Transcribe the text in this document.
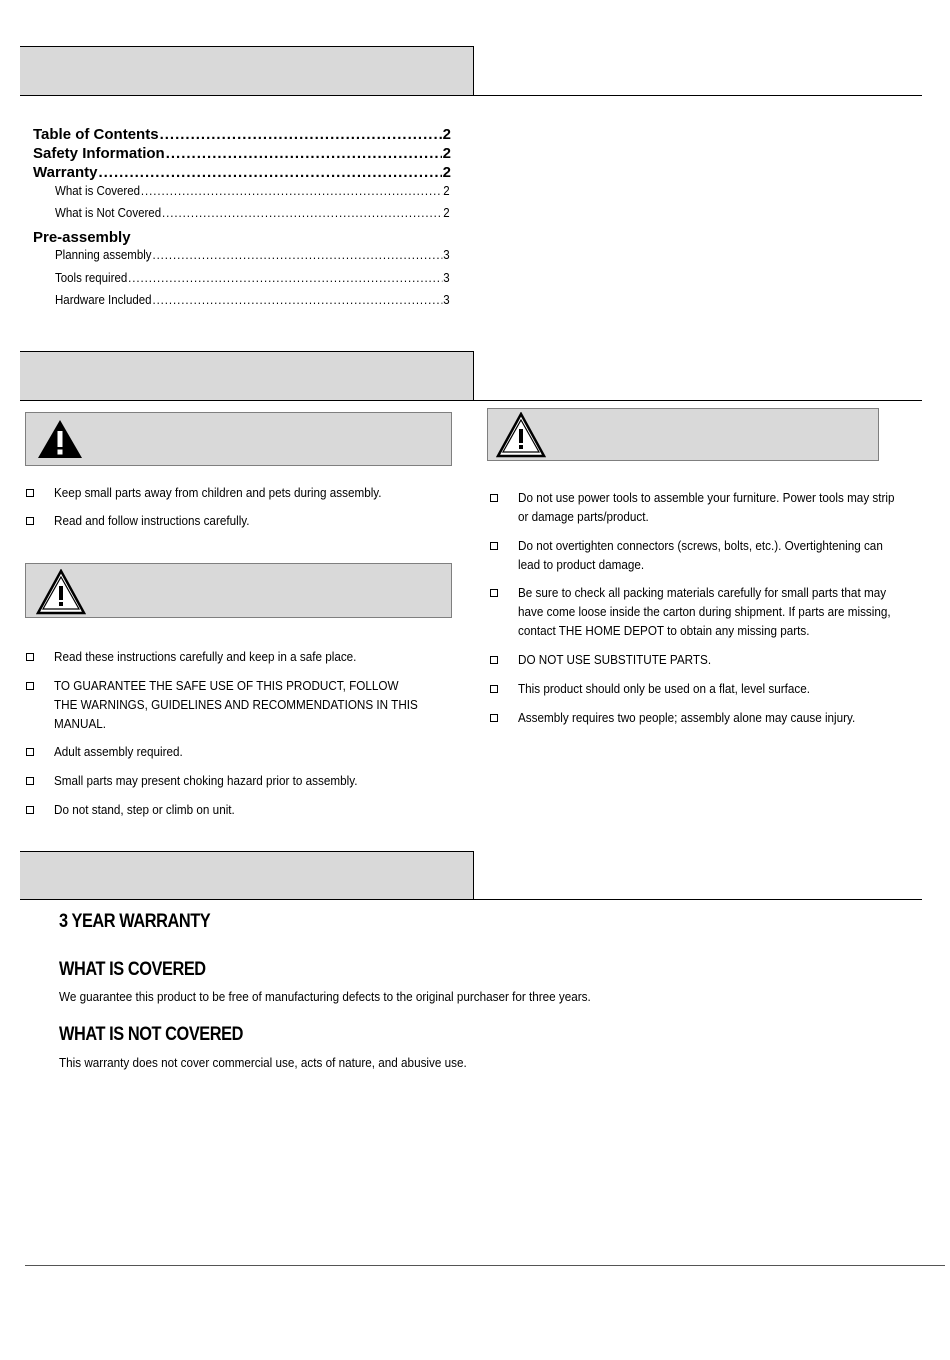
Table of Contents .....	2
Safety Information .....	2
Warranty .....	2
What is Covered .....	2
What is Not Covered .....	2
Pre-assembly
Planning assembly .....	3
Tools required .....	3
Hardware Included .....	3
Keep small parts away from children and pets during assembly.
Read and follow instructions carefully.
Read these instructions carefully and keep in a safe place.
TO GUARANTEE THE SAFE USE OF THIS PRODUCT, FOLLOW THE WARNINGS, GUIDELINES AND RECOMMENDATIONS IN THIS MANUAL.
Adult assembly required.
Small parts may present choking hazard prior to assembly.
Do not stand, step or climb on unit.
Do not use power tools to assemble your furniture. Power tools may strip or damage parts/product.
Do not overtighten connectors (screws, bolts, etc.). Overtightening can lead to product damage.
Be sure to check all packing materials carefully for small parts that may have come loose inside the carton during shipment. If parts are missing, contact THE HOME DEPOT to obtain any missing parts.
DO NOT USE SUBSTITUTE PARTS.
This product should only be used on a flat, level surface.
Assembly requires two people; assembly alone may cause injury.
3 YEAR WARRANTY
WHAT IS COVERED
We guarantee this product to be free of manufacturing defects to the original purchaser for three years.
WHAT IS NOT COVERED
This warranty does not cover commercial use, acts of nature, and abusive use.
